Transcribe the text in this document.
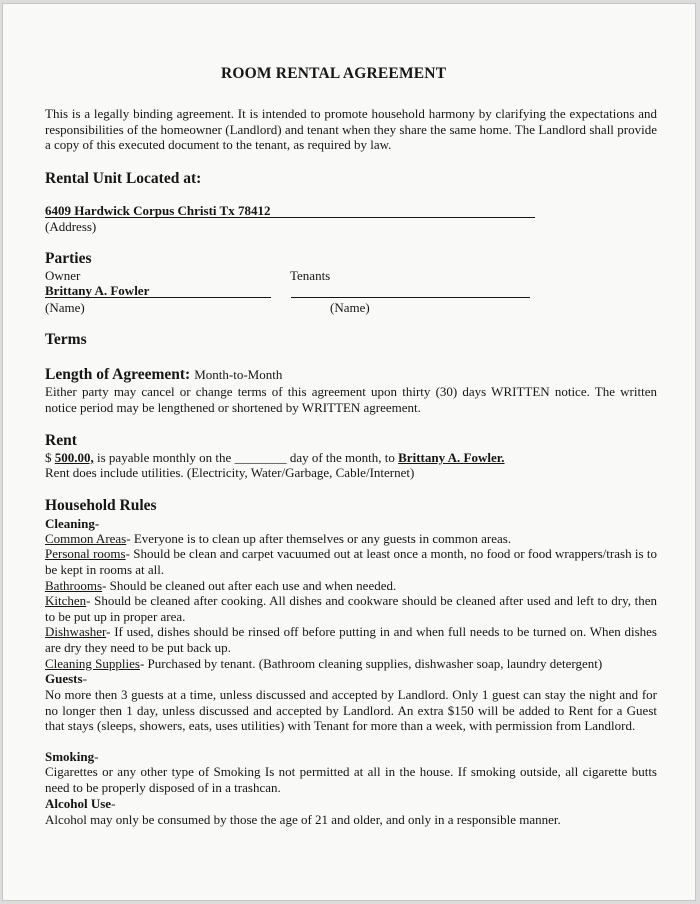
ROOM RENTAL AGREEMENT
This is a legally binding agreement. It is intended to promote household harmony by clarifying the expectations and responsibilities of the homeowner (Landlord) and tenant when they share the same home. The Landlord shall provide a copy of this executed document to the tenant, as required by law.
Rental Unit Located at:
6409 Hardwick Corpus Christi Tx 78412
(Address)
Parties
Owner	Tenants
Brittany A. Fowler
(Name)	(Name)
Terms
Length of Agreement: Month-to-Month
Either party may cancel or change terms of this agreement upon thirty (30) days WRITTEN notice. The written notice period may be lengthened or shortened by WRITTEN agreement.
Rent
$ 500.00, is payable monthly on the ________ day of the month, to Brittany A. Fowler.
Rent does include utilities. (Electricity, Water/Garbage, Cable/Internet)
Household Rules
Cleaning-
Common Areas- Everyone is to clean up after themselves or any guests in common areas.
Personal rooms- Should be clean and carpet vacuumed out at least once a month, no food or food wrappers/trash is to be kept in rooms at all.
Bathrooms- Should be cleaned out after each use and when needed.
Kitchen- Should be cleaned after cooking. All dishes and cookware should be cleaned after used and left to dry, then to be put up in proper area.
Dishwasher- If used, dishes should be rinsed off before putting in and when full needs to be turned on. When dishes are dry they need to be put back up.
Cleaning Supplies- Purchased by tenant. (Bathroom cleaning supplies, dishwasher soap, laundry detergent)
Guests-
No more then 3 guests at a time, unless discussed and accepted by Landlord. Only 1 guest can stay the night and for no longer then 1 day, unless discussed and accepted by Landlord. An extra $150 will be added to Rent for a Guest that stays (sleeps, showers, eats, uses utilities) with Tenant for more than a week, with permission from Landlord.
Smoking-
Cigarettes or any other type of Smoking Is not permitted at all in the house. If smoking outside, all cigarette butts need to be properly disposed of in a trashcan.
Alcohol Use-
Alcohol may only be consumed by those the age of 21 and older, and only in a responsible manner.
